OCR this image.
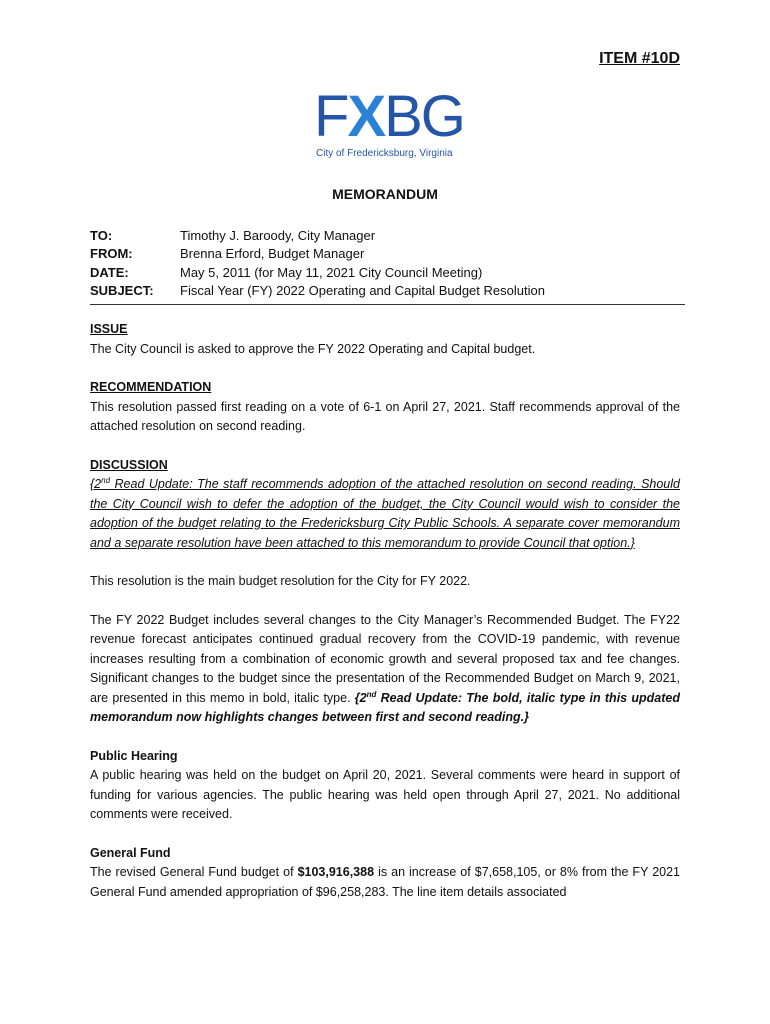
ITEM #10D
FXBG
City of Fredericksburg, Virginia
MEMORANDUM
TO:	Timothy J. Baroody, City Manager
FROM:	Brenna Erford, Budget Manager
DATE:	May 5, 2011 (for May 11, 2021 City Council Meeting)
SUBJECT:	Fiscal Year (FY) 2022 Operating and Capital Budget Resolution

ISSUE

The City Council is asked to approve the FY 2022 Operating and Capital budget.

RECOMMENDATION

This resolution passed first reading on a vote of 6-1 on April 27, 2021. Staff recommends approval of the attached resolution on second reading.

DISCUSSION

{2nd Read Update: The staff recommends adoption of the attached resolution on second reading. Should the City Council wish to defer the adoption of the budget, the City Council would wish to consider the adoption of the budget relating to the Fredericksburg City Public Schools. A separate cover memorandum and a separate resolution have been attached to this memorandum to provide Council that option.}

This resolution is the main budget resolution for the City for FY 2022.

The FY 2022 Budget includes several changes to the City Manager’s Recommended Budget. The FY22 revenue forecast anticipates continued gradual recovery from the COVID-19 pandemic, with revenue increases resulting from a combination of economic growth and several proposed tax and fee changes. Significant changes to the budget since the presentation of the Recommended Budget on March 9, 2021, are presented in this memo in bold, italic type. {2nd Read Update: The bold, italic type in this updated memorandum now highlights changes between first and second reading.}

Public Hearing

A public hearing was held on the budget on April 20, 2021. Several comments were heard in support of funding for various agencies. The public hearing was held open through April 27, 2021. No additional comments were received.

General Fund

The revised General Fund budget of $103,916,388 is an increase of $7,658,105, or 8% from the FY 2021 General Fund amended appropriation of $96,258,283. The line item details associated
